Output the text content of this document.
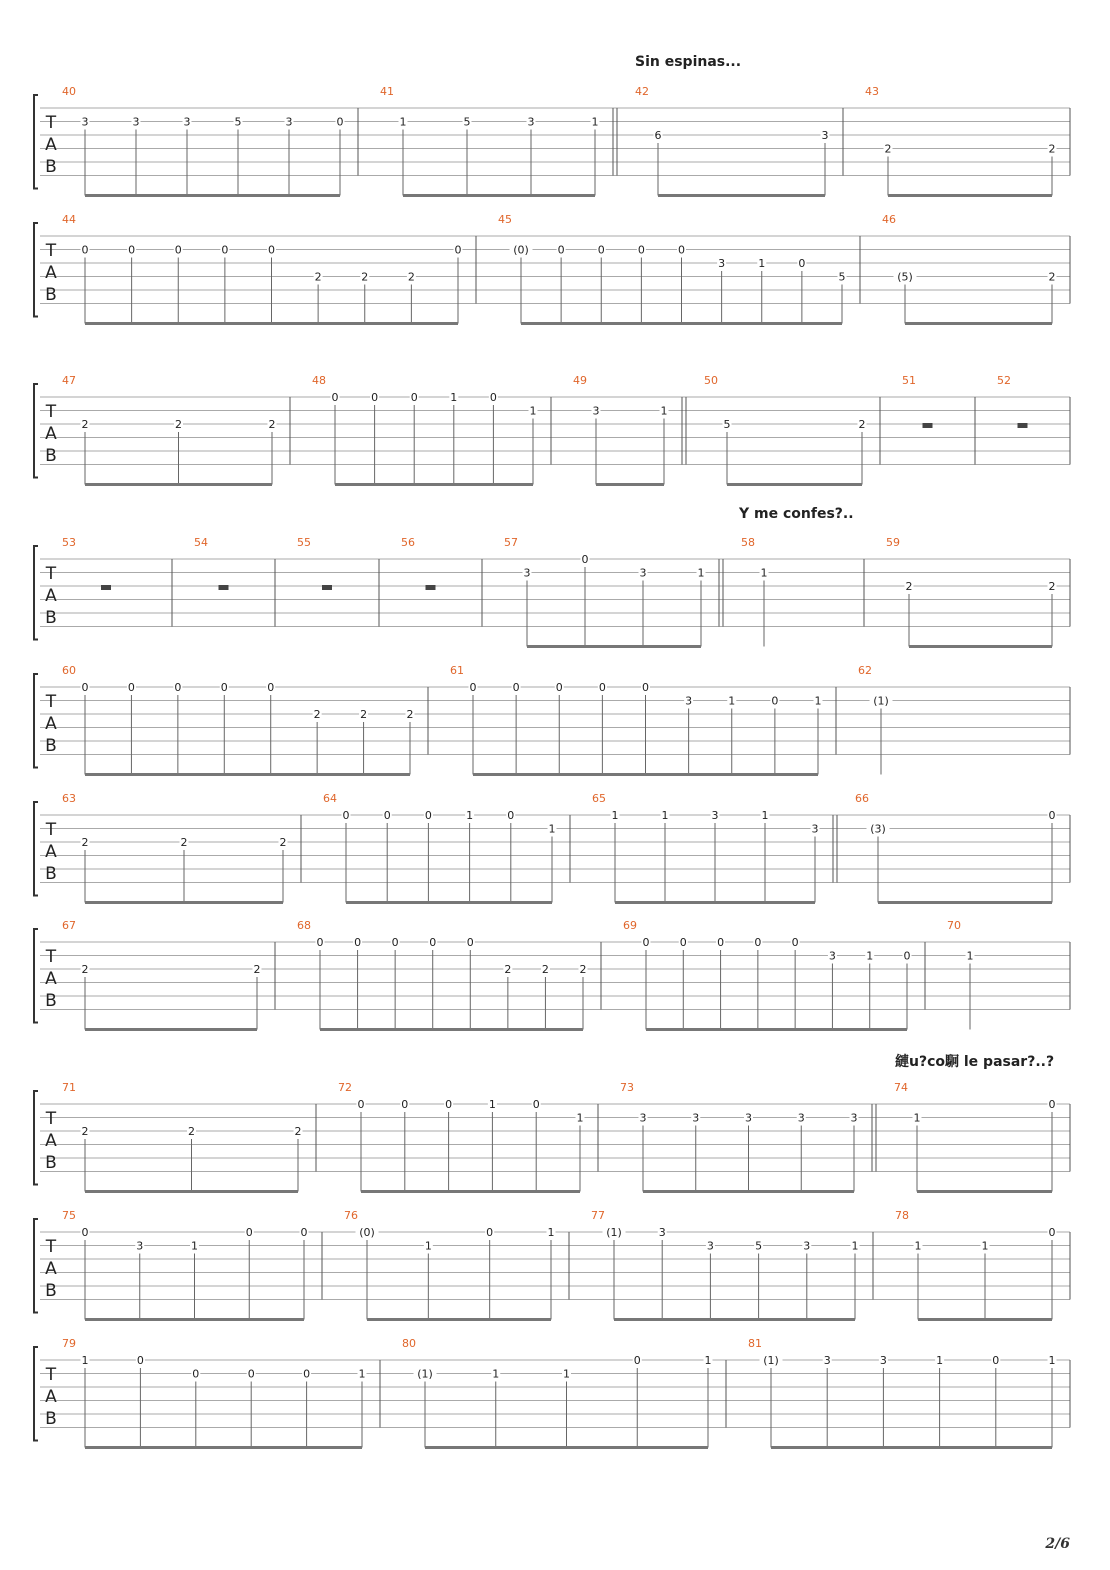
T
A
B
40
3	3	3	5	3	0
41
1	5	3	1
42
6	3
43
2	2
T
A
B
44
0	0	0	0	0
2	2	2
0
45
(0)	0	0	0	0
3	1	0
5
46
(5)	2
T
A
B
47
2	2	2
48
0	0	0	1	0
1
49
3	1
50
5	2
51	52
T
A
B
53	54	55	56	57
3
0
3	1
58
1
59
2	2
T
A
B
60
0	0	0	0	0
2	2	2
61
0	0	0	0	0
3	1	0	1
62
(1)
T
A
B
63
2	2	2
64
0	0	0	1	0
1
65
1	1	3	1
3
66
(3)
0
T
A
B
67
2	2
68
0	0	0	0	0
2	2	2
69
0	0	0	0	0
3	1	0
70
1
T
A
B
71
2	2	2
72
0	0	0	1	0
1
73
3	3	3	3	3
74
1
0
T
A
B
75
0
3	1
0	0
76
(0)
1
0	1
77
(1)	3
3	5	3	1
78
1	1
0
T
A
B
79
1	0
0	0	0	1
80
(1)	1	1
0	1
81
(1)	3	3	1	0	1
Sin espinas...
Y me confes?..
縺u?co駉 le pasar?..?
2/6
